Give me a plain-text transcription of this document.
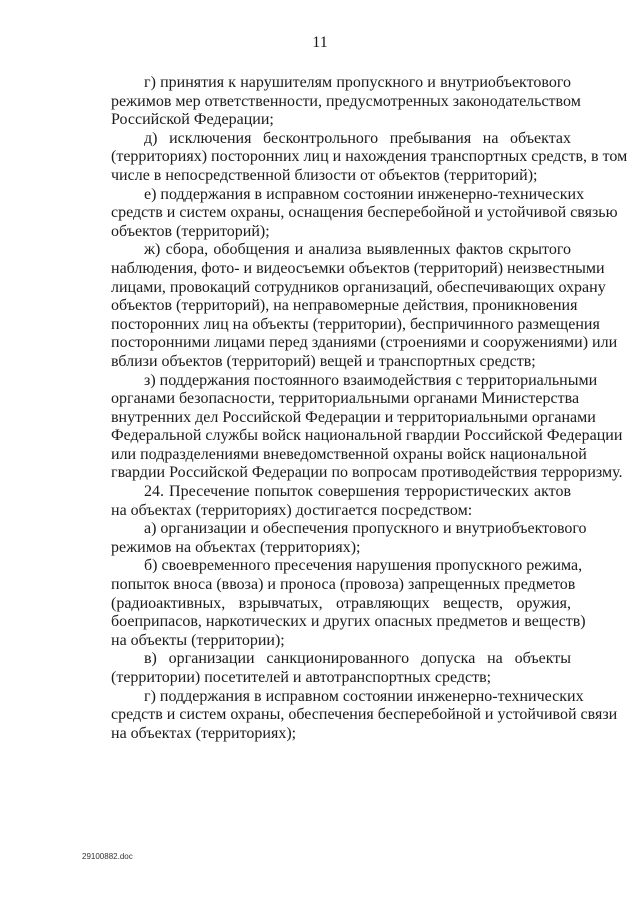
11
г) принятия к нарушителям пропускного и внутриобъектового
режимов мер ответственности, предусмотренных законодательством
Российской Федерации;
д) исключения бесконтрольного пребывания на объектах
(территориях) посторонних лиц и нахождения транспортных средств, в том
числе в непосредственной близости от объектов (территорий);
е) поддержания в исправном состоянии инженерно-технических
средств и систем охраны, оснащения бесперебойной и устойчивой связью
объектов (территорий);
ж) сбора, обобщения и анализа выявленных фактов скрытого
наблюдения, фото- и видеосъемки объектов (территорий) неизвестными
лицами, провокаций сотрудников организаций, обеспечивающих охрану
объектов (территорий), на неправомерные действия, проникновения
посторонних лиц на объекты (территории), беспричинного размещения
посторонними лицами перед зданиями (строениями и сооружениями) или
вблизи объектов (территорий) вещей и транспортных средств;
з) поддержания постоянного взаимодействия с территориальными
органами безопасности, территориальными органами Министерства
внутренних дел Российской Федерации и территориальными органами
Федеральной службы войск национальной гвардии Российской Федерации
или подразделениями вневедомственной охраны войск национальной
гвардии Российской Федерации по вопросам противодействия терроризму.
24. Пресечение попыток совершения террористических актов
на объектах (территориях) достигается посредством:
а) организации и обеспечения пропускного и внутриобъектового
режимов на объектах (территориях);
б) своевременного пресечения нарушения пропускного режима,
попыток вноса (ввоза) и проноса (провоза) запрещенных предметов
(радиоактивных, взрывчатых, отравляющих веществ, оружия,
боеприпасов, наркотических и других опасных предметов и веществ)
на объекты (территории);
в) организации санкционированного допуска на объекты
(территории) посетителей и автотранспортных средств;
г) поддержания в исправном состоянии инженерно-технических
средств и систем охраны, обеспечения бесперебойной и устойчивой связи
на объектах (территориях);
29100882.doc
